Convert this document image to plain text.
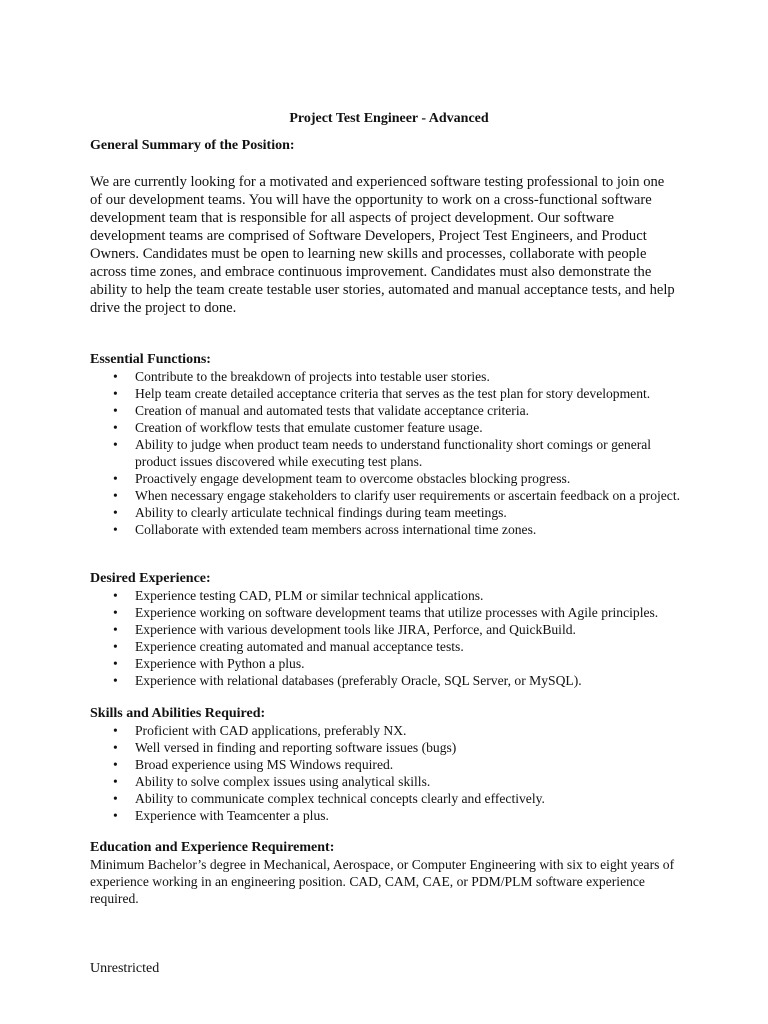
Project Test Engineer - Advanced

General Summary of the Position:

We are currently looking for a motivated and experienced software testing professional to join one of our development teams. You will have the opportunity to work on a cross-functional software development team that is responsible for all aspects of project development. Our software development teams are comprised of Software Developers, Project Test Engineers, and Product Owners. Candidates must be open to learning new skills and processes, collaborate with people across time zones, and embrace continuous improvement. Candidates must also demonstrate the ability to help the team create testable user stories, automated and manual acceptance tests, and help drive the project to done.

Essential Functions:

• Contribute to the breakdown of projects into testable user stories.
• Help team create detailed acceptance criteria that serves as the test plan for story development.
• Creation of manual and automated tests that validate acceptance criteria.
• Creation of workflow tests that emulate customer feature usage.
• Ability to judge when product team needs to understand functionality short comings or general product issues discovered while executing test plans.
• Proactively engage development team to overcome obstacles blocking progress.
• When necessary engage stakeholders to clarify user requirements or ascertain feedback on a project.
• Ability to clearly articulate technical findings during team meetings.
• Collaborate with extended team members across international time zones.

Desired Experience:

• Experience testing CAD, PLM or similar technical applications.
• Experience working on software development teams that utilize processes with Agile principles.
• Experience with various development tools like JIRA, Perforce, and QuickBuild.
• Experience creating automated and manual acceptance tests.
• Experience with Python a plus.
• Experience with relational databases (preferably Oracle, SQL Server, or MySQL).

Skills and Abilities Required:

• Proficient with CAD applications, preferably NX.
• Well versed in finding and reporting software issues (bugs)
• Broad experience using MS Windows required.
• Ability to solve complex issues using analytical skills.
• Ability to communicate complex technical concepts clearly and effectively.
• Experience with Teamcenter a plus.

Education and Experience Requirement:

Minimum Bachelor’s degree in Mechanical, Aerospace, or Computer Engineering with six to eight years of experience working in an engineering position. CAD, CAM, CAE, or PDM/PLM software experience required.

Unrestricted
